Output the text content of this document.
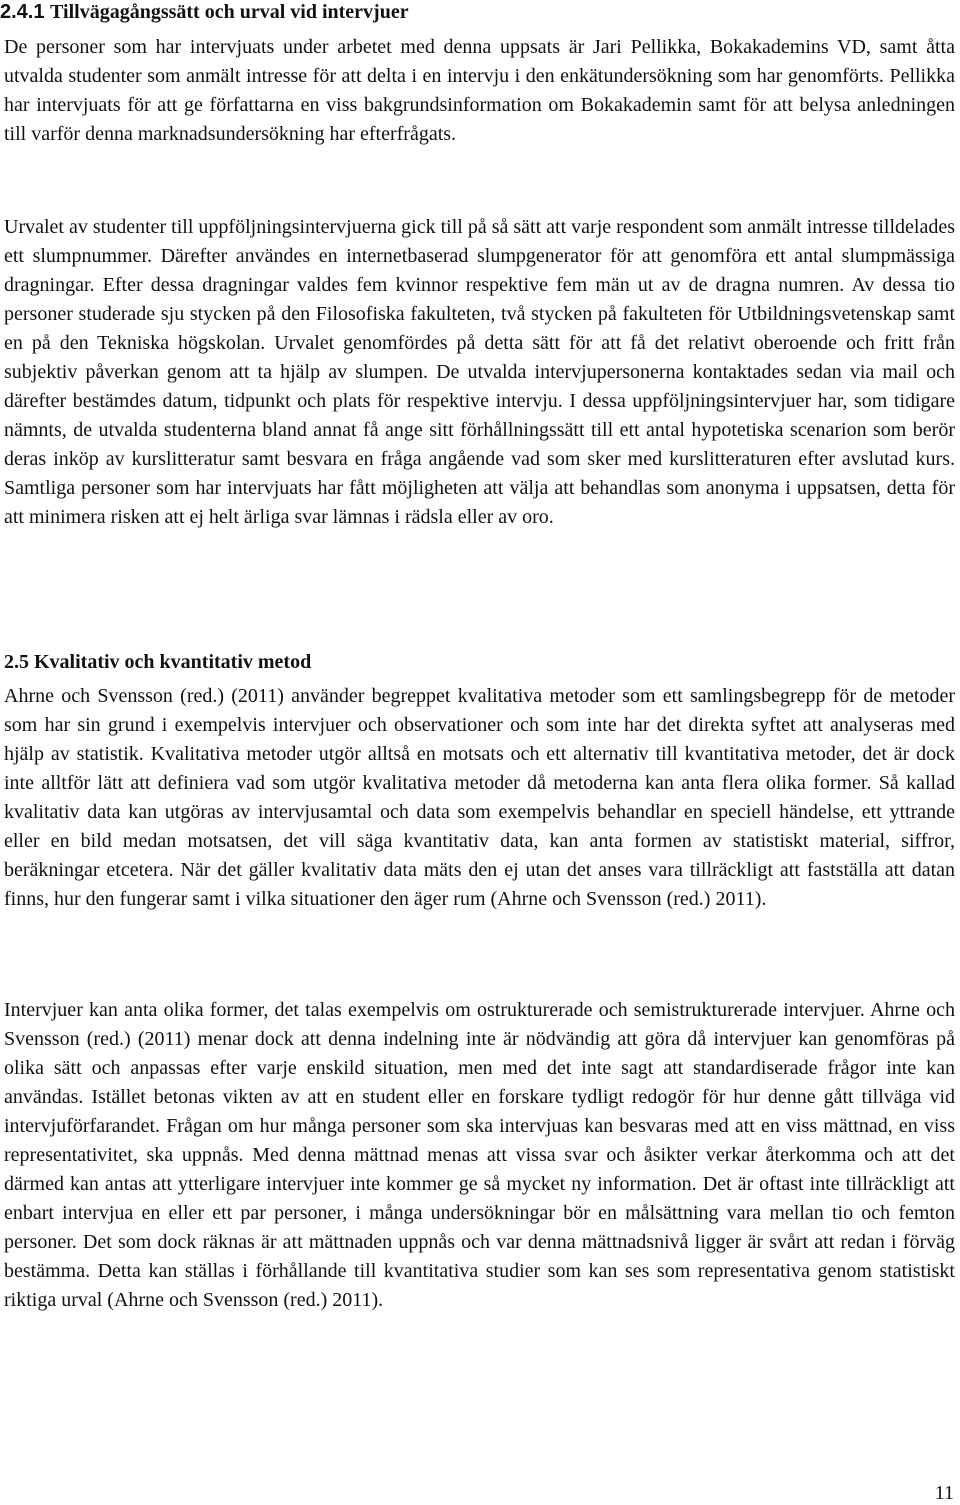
2.4.1 Tillvägagångssätt och urval vid intervjuer

De personer som har intervjuats under arbetet med denna uppsats är Jari Pellikka, Bokakademins VD, samt åtta utvalda studenter som anmält intresse för att delta i en intervju i den enkätundersökning som har genomförts. Pellikka har intervjuats för att ge författarna en viss bakgrundsinformation om Bokakademin samt för att belysa anledningen till varför denna marknadsundersökning har efterfrågats.

Urvalet av studenter till uppföljningsintervjuerna gick till på så sätt att varje respondent som anmält intresse tilldelades ett slumpnummer. Därefter användes en internetbaserad slumpgenerator för att genomföra ett antal slumpmässiga dragningar. Efter dessa dragningar valdes fem kvinnor respektive fem män ut av de dragna numren. Av dessa tio personer studerade sju stycken på den Filosofiska fakulteten, två stycken på fakulteten för Utbildningsvetenskap samt en på den Tekniska högskolan. Urvalet genomfördes på detta sätt för att få det relativt oberoende och fritt från subjektiv påverkan genom att ta hjälp av slumpen. De utvalda intervjupersonerna kontaktades sedan via mail och därefter bestämdes datum, tidpunkt och plats för respektive intervju. I dessa uppföljningsintervjuer har, som tidigare nämnts, de utvalda studenterna bland annat få ange sitt förhållningssätt till ett antal hypotetiska scenarion som berör deras inköp av kurslitteratur samt besvara en fråga angående vad som sker med kurslitteraturen efter avslutad kurs. Samtliga personer som har intervjuats har fått möjligheten att välja att behandlas som anonyma i uppsatsen, detta för att minimera risken att ej helt ärliga svar lämnas i rädsla eller av oro.

2.5 Kvalitativ och kvantitativ metod

Ahrne och Svensson (red.) (2011) använder begreppet kvalitativa metoder som ett samlingsbegrepp för de metoder som har sin grund i exempelvis intervjuer och observationer och som inte har det direkta syftet att analyseras med hjälp av statistik. Kvalitativa metoder utgör alltså en motsats och ett alternativ till kvantitativa metoder, det är dock inte alltför lätt att definiera vad som utgör kvalitativa metoder då metoderna kan anta flera olika former. Så kallad kvalitativ data kan utgöras av intervjusamtal och data som exempelvis behandlar en speciell händelse, ett yttrande eller en bild medan motsatsen, det vill säga kvantitativ data, kan anta formen av statistiskt material, siffror, beräkningar etcetera. När det gäller kvalitativ data mäts den ej utan det anses vara tillräckligt att fastställa att datan finns, hur den fungerar samt i vilka situationer den äger rum (Ahrne och Svensson (red.) 2011).

Intervjuer kan anta olika former, det talas exempelvis om ostrukturerade och semistrukturerade intervjuer. Ahrne och Svensson (red.) (2011) menar dock att denna indelning inte är nödvändig att göra då intervjuer kan genomföras på olika sätt och anpassas efter varje enskild situation, men med det inte sagt att standardiserade frågor inte kan användas. Istället betonas vikten av att en student eller en forskare tydligt redogör för hur denne gått tillväga vid intervjuförfarandet. Frågan om hur många personer som ska intervjuas kan besvaras med att en viss mättnad, en viss representativitet, ska uppnås. Med denna mättnad menas att vissa svar och åsikter verkar återkomma och att det därmed kan antas att ytterligare intervjuer inte kommer ge så mycket ny information. Det är oftast inte tillräckligt att enbart intervjua en eller ett par personer, i många undersökningar bör en målsättning vara mellan tio och femton personer. Det som dock räknas är att mättnaden uppnås och var denna mättnadsnivå ligger är svårt att redan i förväg bestämma. Detta kan ställas i förhållande till kvantitativa studier som kan ses som representativa genom statistiskt riktiga urval (Ahrne och Svensson (red.) 2011).

11
